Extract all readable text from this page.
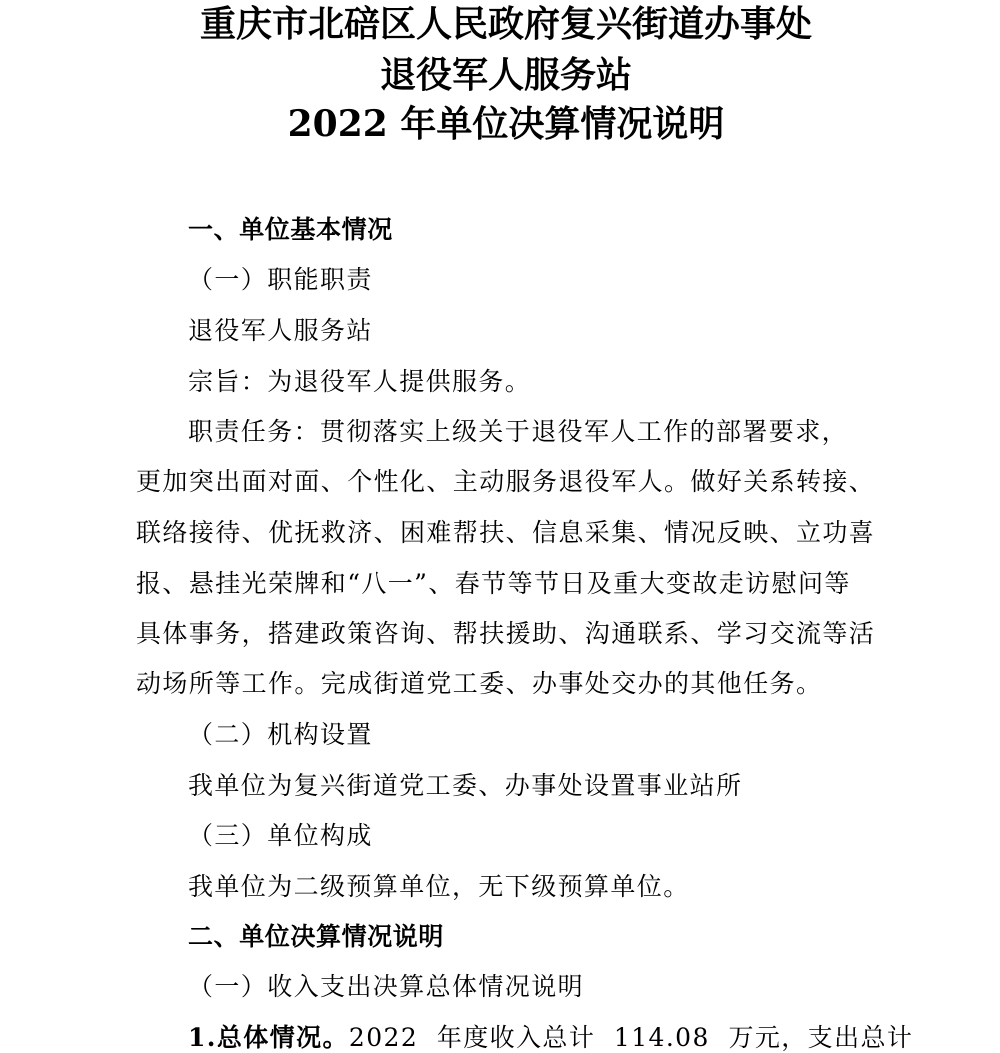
重庆市北碚区人民政府复兴街道办事处
退役军人服务站
2022 年单位决算情况说明
一、单位基本情况
（一）职能职责
退役军人服务站
宗旨：为退役军人提供服务。
职责任务：贯彻落实上级关于退役军人工作的部署要求，
更加突出面对面、个性化、主动服务退役军人。做好关系转接、
联络接待、优抚救济、困难帮扶、信息采集、情况反映、立功喜
报、悬挂光荣牌和“八一”、春节等节日及重大变故走访慰问等
具体事务，搭建政策咨询、帮扶援助、沟通联系、学习交流等活
动场所等工作。完成街道党工委、办事处交办的其他任务。
（二）机构设置
我单位为复兴街道党工委、办事处设置事业站所
（三）单位构成
我单位为二级预算单位，无下级预算单位。
二、单位决算情况说明
（一）收入支出决算总体情况说明
1.总体情况。2022  年度收入总计  114.08  万元，支出总计
